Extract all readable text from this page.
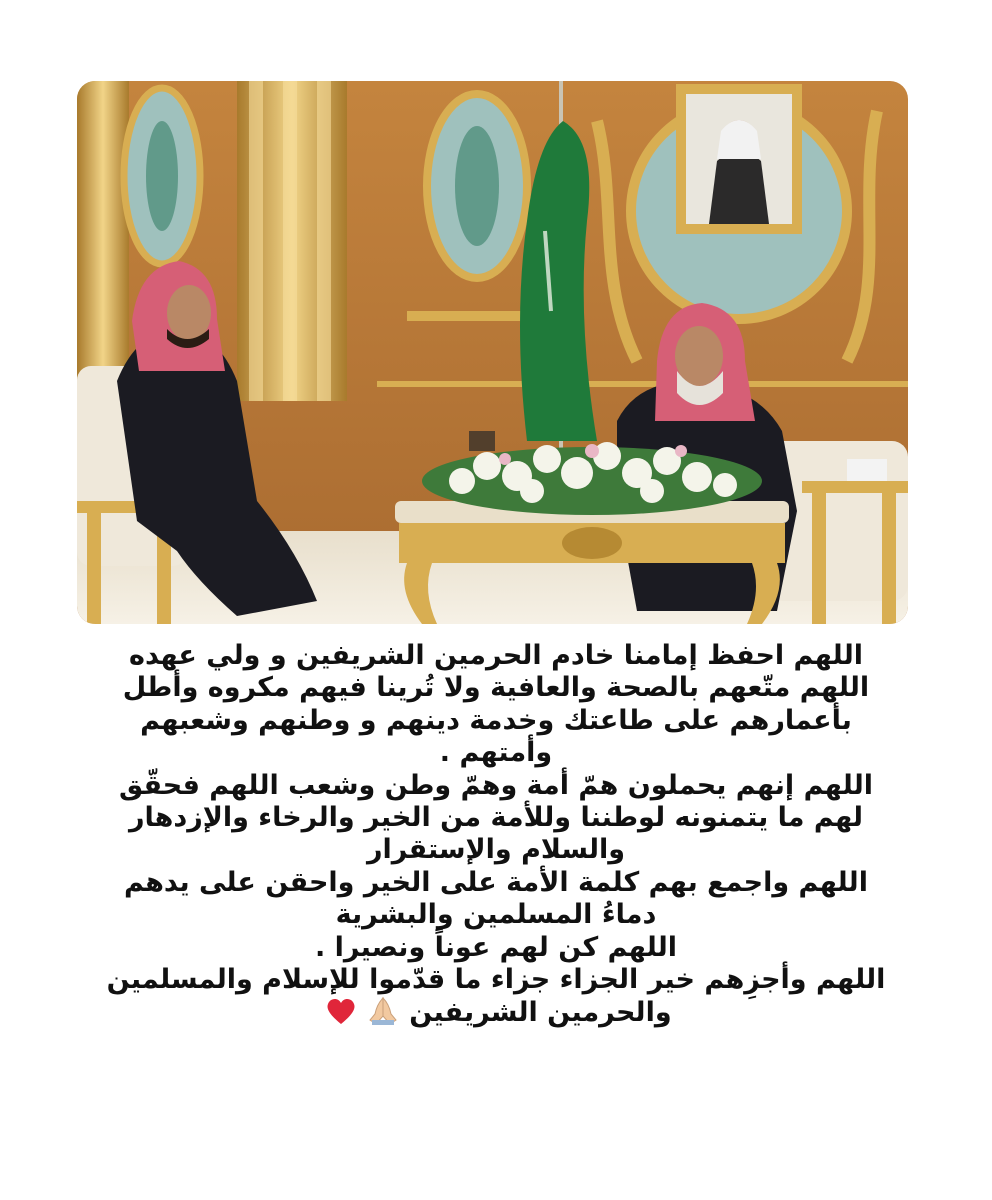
اللهم احفظ إمامنا خادم الحرمين الشريفين و ولي عهده
اللهم متّعهم بالصحة والعافية ولا تُرينا فيهم مكروه وأطل
بأعمارهم على طاعتك وخدمة دينهم و وطنهم وشعبهم
وأمتهم .
اللهم إنهم يحملون همّ أمة وهمّ وطن وشعب اللهم فحقّق
لهم ما يتمنونه لوطننا وللأمة من الخير والرخاء والإزدهار
والسلام والإستقرار
اللهم واجمع بهم كلمة الأمة على الخير واحقن على يدهم
دماءُ المسلمين والبشرية
اللهم كن لهم عوناً ونصيرا .
اللهم وأجزِهم خير الجزاء جزاء ما قدّموا للإسلام والمسلمين
والحرمين الشريفين
